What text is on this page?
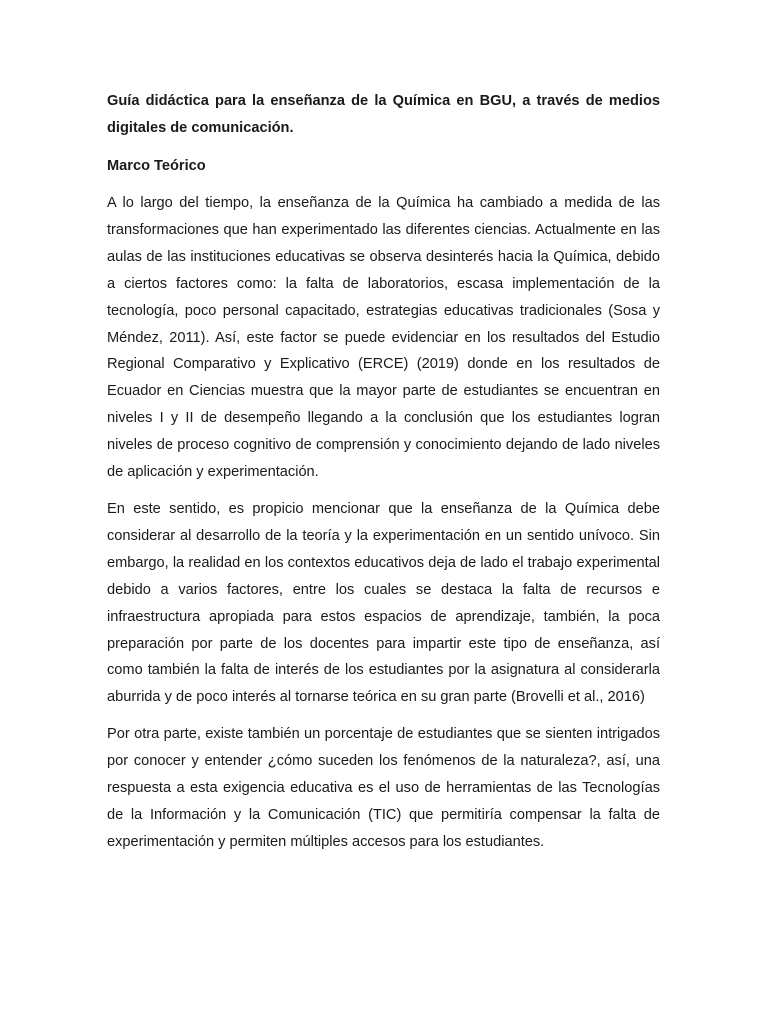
Guía didáctica para la enseñanza de la Química en BGU, a través de medios digitales de comunicación.

Marco Teórico

A lo largo del tiempo, la enseñanza de la Química ha cambiado a medida de las transformaciones que han experimentado las diferentes ciencias. Actualmente en las aulas de las instituciones educativas se observa desinterés hacia la Química, debido a ciertos factores como: la falta de laboratorios, escasa implementación de la tecnología, poco personal capacitado, estrategias educativas tradicionales (Sosa y Méndez, 2011). Así, este factor se puede evidenciar en los resultados del Estudio Regional Comparativo y Explicativo (ERCE) (2019) donde en los resultados de Ecuador en Ciencias muestra que la mayor parte de estudiantes se encuentran en niveles I y II de desempeño llegando a la conclusión que los estudiantes logran niveles de proceso cognitivo de comprensión y conocimiento dejando de lado niveles de aplicación y experimentación.

En este sentido, es propicio mencionar que la enseñanza de la Química debe considerar al desarrollo de la teoría y la experimentación en un sentido unívoco. Sin embargo, la realidad en los contextos educativos deja de lado el trabajo experimental debido a varios factores, entre los cuales se destaca la falta de recursos e infraestructura apropiada para estos espacios de aprendizaje, también, la poca preparación por parte de los docentes para impartir este tipo de enseñanza, así como también la falta de interés de los estudiantes por la asignatura al considerarla aburrida y de poco interés al tornarse teórica en su gran parte (Brovelli et al., 2016)

Por otra parte, existe también un porcentaje de estudiantes que se sienten intrigados por conocer y entender ¿cómo suceden los fenómenos de la naturaleza?, así, una respuesta a esta exigencia educativa es el uso de herramientas de las Tecnologías de la Información y la Comunicación (TIC) que permitiría compensar la falta de experimentación y permiten múltiples accesos para los estudiantes.
